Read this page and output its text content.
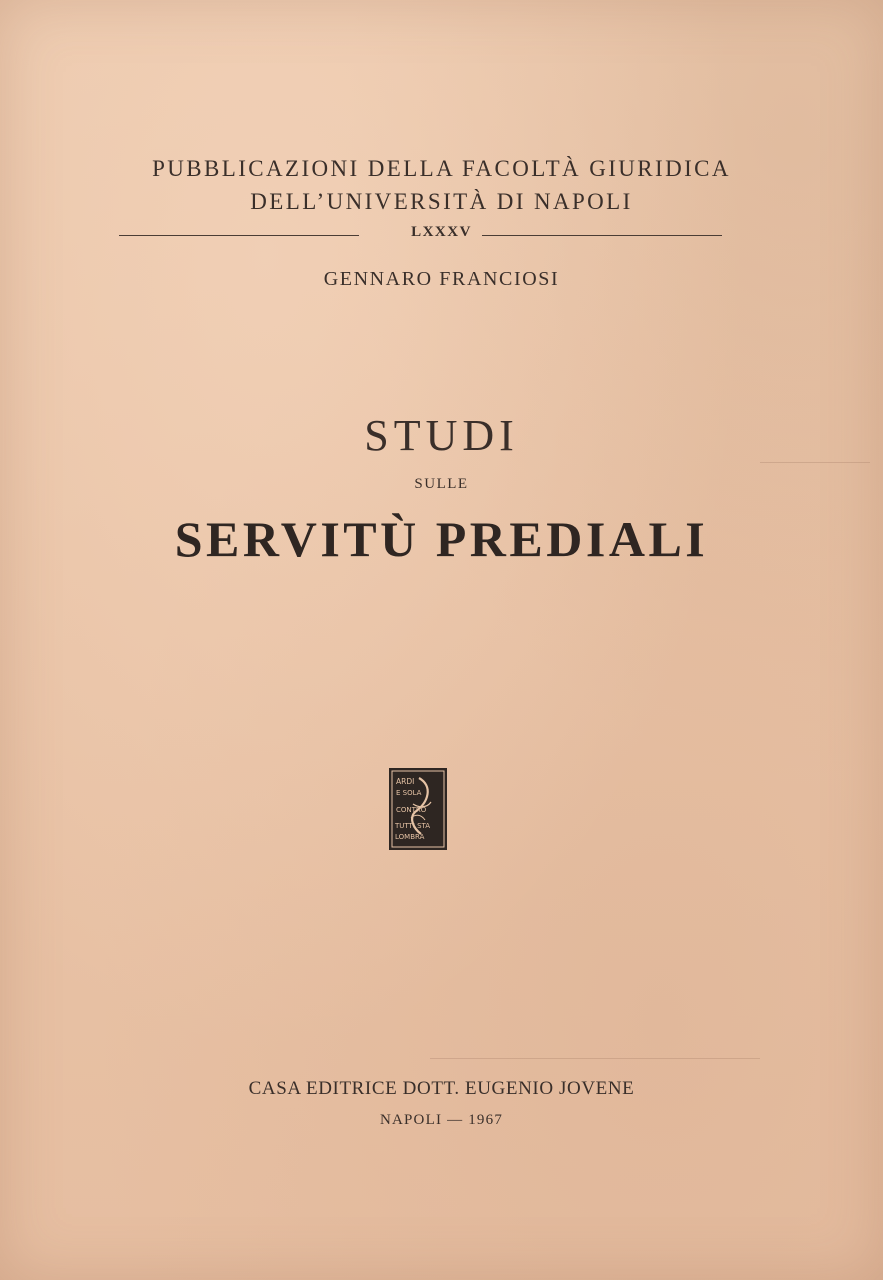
PUBBLICAZIONI DELLA FACOLTÀ GIURIDICA
DELL’UNIVERSITÀ DI NAPOLI
LXXXV
GENNARO FRANCIOSI
STUDI
SULLE
SERVITÙ PREDIALI
ARDI
E SOLA
CONTRO
TUTTI STA
LOMBRA
CASA EDITRICE DOTT. EUGENIO JOVENE
NAPOLI — 1967
